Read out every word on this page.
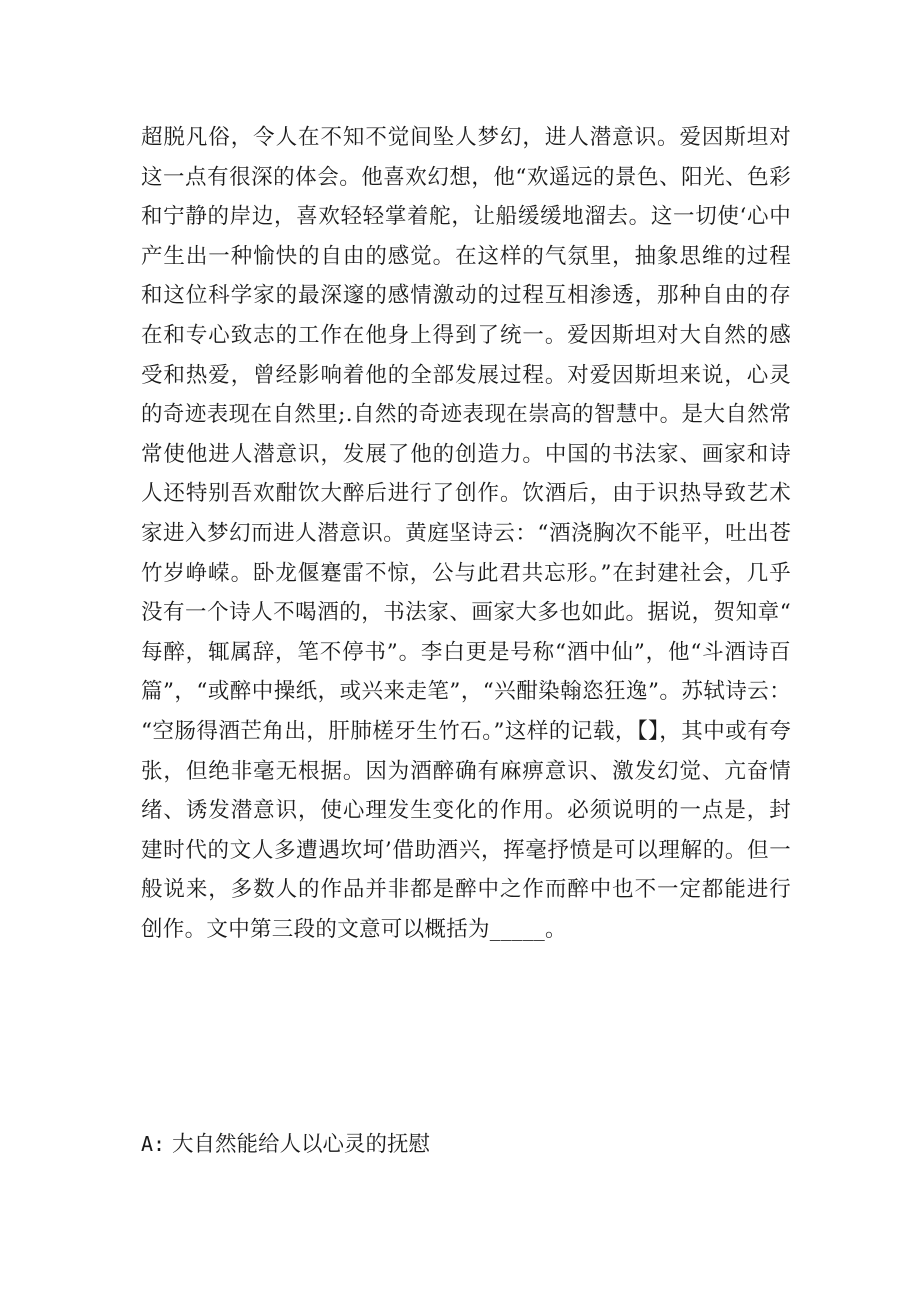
超脱凡俗，令人在不知不觉间坠人梦幻，进人潜意识。爱因斯坦对这一点有很深的体会。他喜欢幻想，他“欢遥远的景色、阳光、色彩和宁静的岸边，喜欢轻轻掌着舵，让船缓缓地溜去。这一切使‘心中产生出一种愉快的自由的感觉。在这样的气氛里，抽象思维的过程和这位科学家的最深邃的感情激动的过程互相渗透，那种自由的存在和专心致志的工作在他身上得到了统一。爱因斯坦对大自然的感受和热爱，曾经影响着他的全部发展过程。对爱因斯坦来说，心灵的奇迹表现在自然里;.自然的奇迹表现在崇高的智慧中。是大自然常常使他进人潜意识，发展了他的创造力。中国的书法家、画家和诗人还特别吾欢酣饮大醉后进行了创作。饮酒后，由于识热导致艺术家进入梦幻而进人潜意识。黄庭坚诗云：“酒浇胸次不能平，吐出苍竹岁峥嵘。卧龙偃蹇雷不惊，公与此君共忘形。”在封建社会，几乎没有一个诗人不喝酒的，书法家、画家大多也如此。据说，贺知章“每醉，辄属辞，笔不停书”。李白更是号称“酒中仙”，他“斗酒诗百篇”，“或醉中操纸，或兴来走笔”，“兴酣染翰恣狂逸”。苏轼诗云：“空肠得酒芒角出，肝肺槎牙生竹石。”这样的记载，【】，其中或有夸张，但绝非毫无根据。因为酒醉确有麻痹意识、激发幻觉、亢奋情绪、诱发潜意识，使心理发生变化的作用。必须说明的一点是，封建时代的文人多遭遇坎坷’借助酒兴，挥毫抒愤是可以理解的。但一般说来，多数人的作品并非都是醉中之作而醉中也不一定都能进行创作。文中第三段的文意可以概括为_____。

A: 大自然能给人以心灵的抚慰
